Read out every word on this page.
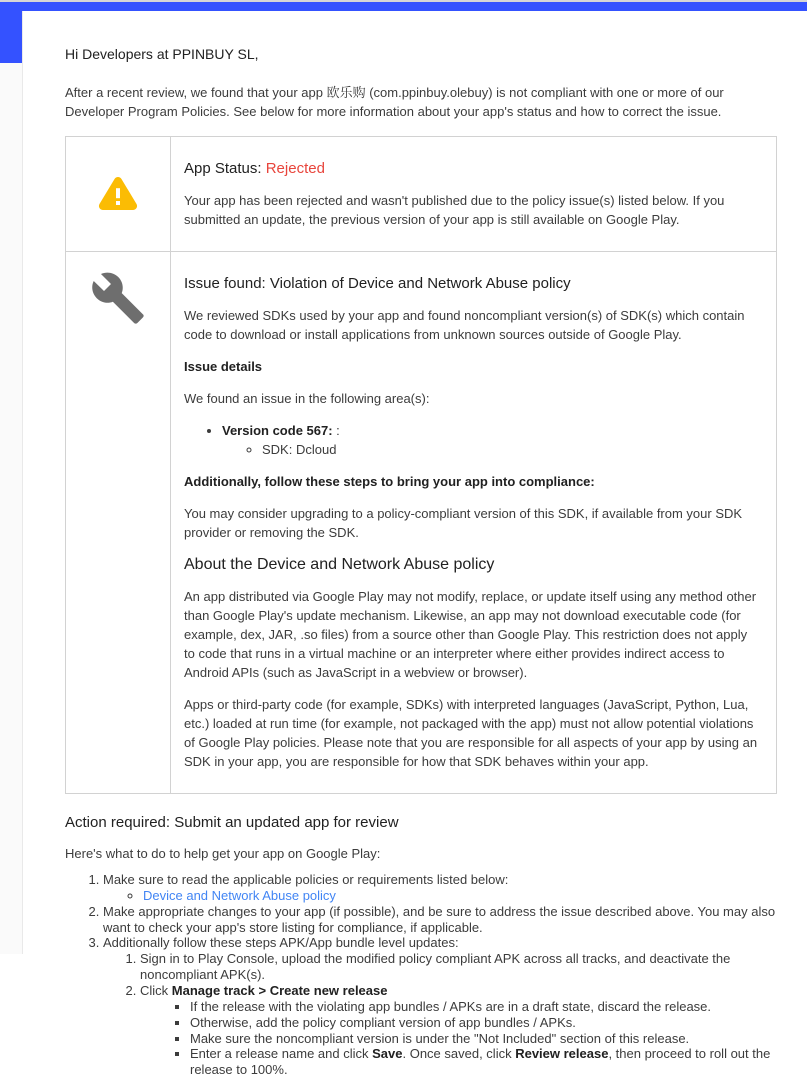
Hi Developers at PPINBUY SL,

After a recent review, we found that your app 欧乐购 (com.ppinbuy.olebuy) is not compliant with one or more of our Developer Program Policies. See below for more information about your app's status and how to correct the issue.

App Status: Rejected

Your app has been rejected and wasn't published due to the policy issue(s) listed below. If you submitted an update, the previous version of your app is still available on Google Play.

Issue found: Violation of Device and Network Abuse policy

We reviewed SDKs used by your app and found noncompliant version(s) of SDK(s) which contain code to download or install applications from unknown sources outside of Google Play.

Issue details

We found an issue in the following area(s):

• Version code 567: :
◦ SDK: Dcloud

Additionally, follow these steps to bring your app into compliance:

You may consider upgrading to a policy-compliant version of this SDK, if available from your SDK provider or removing the SDK.

About the Device and Network Abuse policy

An app distributed via Google Play may not modify, replace, or update itself using any method other than Google Play's update mechanism. Likewise, an app may not download executable code (for example, dex, JAR, .so files) from a source other than Google Play. This restriction does not apply to code that runs in a virtual machine or an interpreter where either provides indirect access to Android APIs (such as JavaScript in a webview or browser).

Apps or third-party code (for example, SDKs) with interpreted languages (JavaScript, Python, Lua, etc.) loaded at run time (for example, not packaged with the app) must not allow potential violations of Google Play policies. Please note that you are responsible for all aspects of your app by using an SDK in your app, you are responsible for how that SDK behaves within your app.

Action required: Submit an updated app for review

Here's what to do to help get your app on Google Play:

1. Make sure to read the applicable policies or requirements listed below:
◦ Device and Network Abuse policy
2. Make appropriate changes to your app (if possible), and be sure to address the issue described above. You may also want to check your app's store listing for compliance, if applicable.
3. Additionally follow these steps APK/App bundle level updates:
1. Sign in to Play Console, upload the modified policy compliant APK across all tracks, and deactivate the noncompliant APK(s).
2. Click Manage track > Create new release
▪ If the release with the violating app bundles / APKs are in a draft state, discard the release.
▪ Otherwise, add the policy compliant version of app bundles / APKs.
▪ Make sure the noncompliant version is under the "Not Included" section of this release.
▪ Enter a release name and click Save. Once saved, click Review release, then proceed to roll out the release to 100%.
